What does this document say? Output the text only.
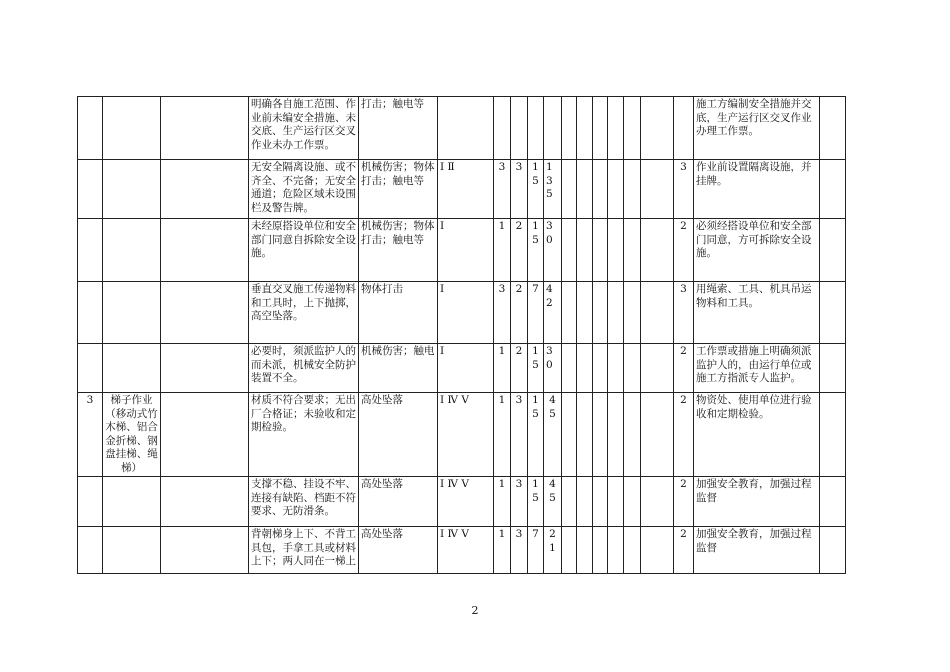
			明确各自施工范围、作业前未编安全措施、未交底、生产运行区交叉作业未办工作票。	打击；触电等													施工方编制安全措施并交底，生产运行区交叉作业办理工作票。	
			无安全隔离设施、或不齐全、不完备；无安全通道；危险区域未设围栏及警告牌。	机械伤害；物体打击；触电等	Ⅰ Ⅱ	3	3	15	135							3	作业前设置隔离设施，并挂牌。	
			未经原搭设单位和安全部门同意自拆除安全设施。	机械伤害；物体打击；触电等	Ⅰ	1	2	15	30							2	必须经搭设单位和安全部门同意，方可拆除安全设施。	
			垂直交叉施工传递物料和工具时，上下抛掷，高空坠落。	物体打击	Ⅰ	3	2	7	42							3	用绳索、工具、机具吊运物料和工具。	
			必要时，须派监护人的而未派，机械安全防护装置不全。	机械伤害；触电	Ⅰ	1	2	15	30							2	工作票或措施上明确须派监护人的，由运行单位或施工方指派专人监护。	
3	梯子作业（移动式竹木梯、铝合金折梯、钢盘挂梯、绳梯）		材质不符合要求；无出厂合格证；未验收和定期检验。	高处坠落	Ⅰ Ⅳ Ⅴ	1	3	15	45							2	物资处、使用单位进行验收和定期检验。	
			支撑不稳、挂设不牢、连接有缺陷、档距不符要求、无防滑条。	高处坠落	Ⅰ Ⅳ Ⅴ	1	3	15	45							2	加强安全教育，加强过程监督	
			背朝梯身上下、不背工具包，手拿工具或材料上下；两人同在一梯上	高处坠落	Ⅰ Ⅳ Ⅴ	1	3	7	21							2	加强安全教育，加强过程监督	
2
